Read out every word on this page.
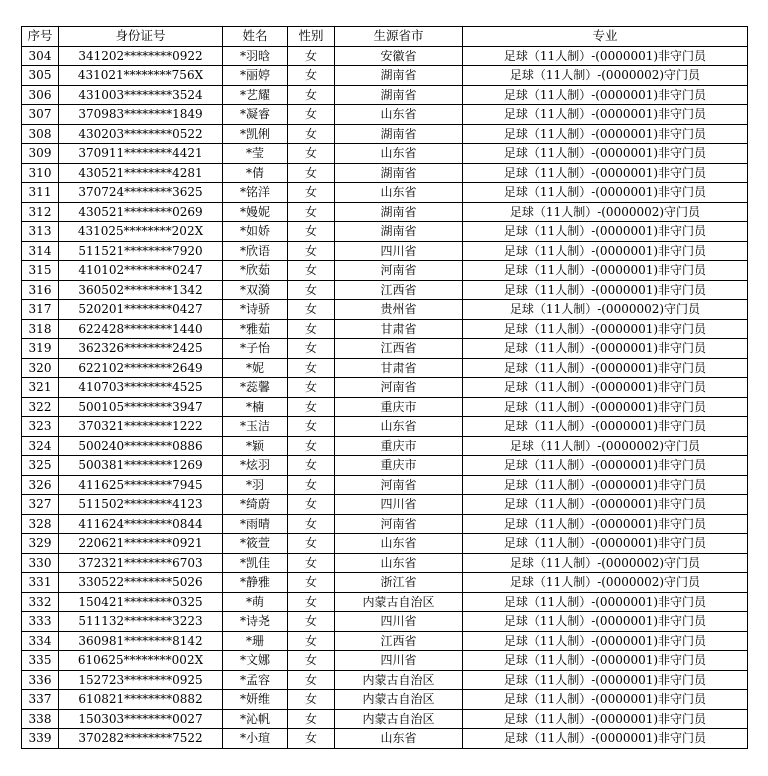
序号	身份证号	姓名	性别	生源省市	专业
304	341202********0922	*羽晗	女	安徽省	足球（11人制）-(0000001)非守门员
305	431021********756X	*丽婷	女	湖南省	足球（11人制）-(0000002)守门员
306	431003********3524	*艺耀	女	湖南省	足球（11人制）-(0000001)非守门员
307	370983********1849	*凝睿	女	山东省	足球（11人制）-(0000001)非守门员
308	430203********0522	*凯俐	女	湖南省	足球（11人制）-(0000001)非守门员
309	370911********4421	*莹	女	山东省	足球（11人制）-(0000001)非守门员
310	430521********4281	*倩	女	湖南省	足球（11人制）-(0000001)非守门员
311	370724********3625	*铭洋	女	山东省	足球（11人制）-(0000001)非守门员
312	430521********0269	*嫚妮	女	湖南省	足球（11人制）-(0000002)守门员
313	431025********202X	*如娇	女	湖南省	足球（11人制）-(0000001)非守门员
314	511521********7920	*欣语	女	四川省	足球（11人制）-(0000001)非守门员
315	410102********0247	*欣茹	女	河南省	足球（11人制）-(0000001)非守门员
316	360502********1342	*双漪	女	江西省	足球（11人制）-(0000001)非守门员
317	520201********0427	*诗骄	女	贵州省	足球（11人制）-(0000002)守门员
318	622428********1440	*雅茹	女	甘肃省	足球（11人制）-(0000001)非守门员
319	362326********2425	*子怡	女	江西省	足球（11人制）-(0000001)非守门员
320	622102********2649	*妮	女	甘肃省	足球（11人制）-(0000001)非守门员
321	410703********4525	*蕊馨	女	河南省	足球（11人制）-(0000001)非守门员
322	500105********3947	*楠	女	重庆市	足球（11人制）-(0000001)非守门员
323	370321********1222	*玉洁	女	山东省	足球（11人制）-(0000001)非守门员
324	500240********0886	*颖	女	重庆市	足球（11人制）-(0000002)守门员
325	500381********1269	*炫羽	女	重庆市	足球（11人制）-(0000001)非守门员
326	411625********7945	*羽	女	河南省	足球（11人制）-(0000001)非守门员
327	511502********4123	*绮蔚	女	四川省	足球（11人制）-(0000001)非守门员
328	411624********0844	*雨晴	女	河南省	足球（11人制）-(0000001)非守门员
329	220621********0921	*筱萱	女	山东省	足球（11人制）-(0000001)非守门员
330	372321********6703	*凯佳	女	山东省	足球（11人制）-(0000002)守门员
331	330522********5026	*静雅	女	浙江省	足球（11人制）-(0000002)守门员
332	150421********0325	*萌	女	内蒙古自治区	足球（11人制）-(0000001)非守门员
333	511132********3223	*诗尧	女	四川省	足球（11人制）-(0000001)非守门员
334	360981********8142	*珊	女	江西省	足球（11人制）-(0000001)非守门员
335	610625********002X	*文娜	女	四川省	足球（11人制）-(0000001)非守门员
336	152723********0925	*孟容	女	内蒙古自治区	足球（11人制）-(0000001)非守门员
337	610821********0882	*妍维	女	内蒙古自治区	足球（11人制）-(0000001)非守门员
338	150303********0027	*沁帆	女	内蒙古自治区	足球（11人制）-(0000001)非守门员
339	370282********7522	*小瑄	女	山东省	足球（11人制）-(0000001)非守门员
